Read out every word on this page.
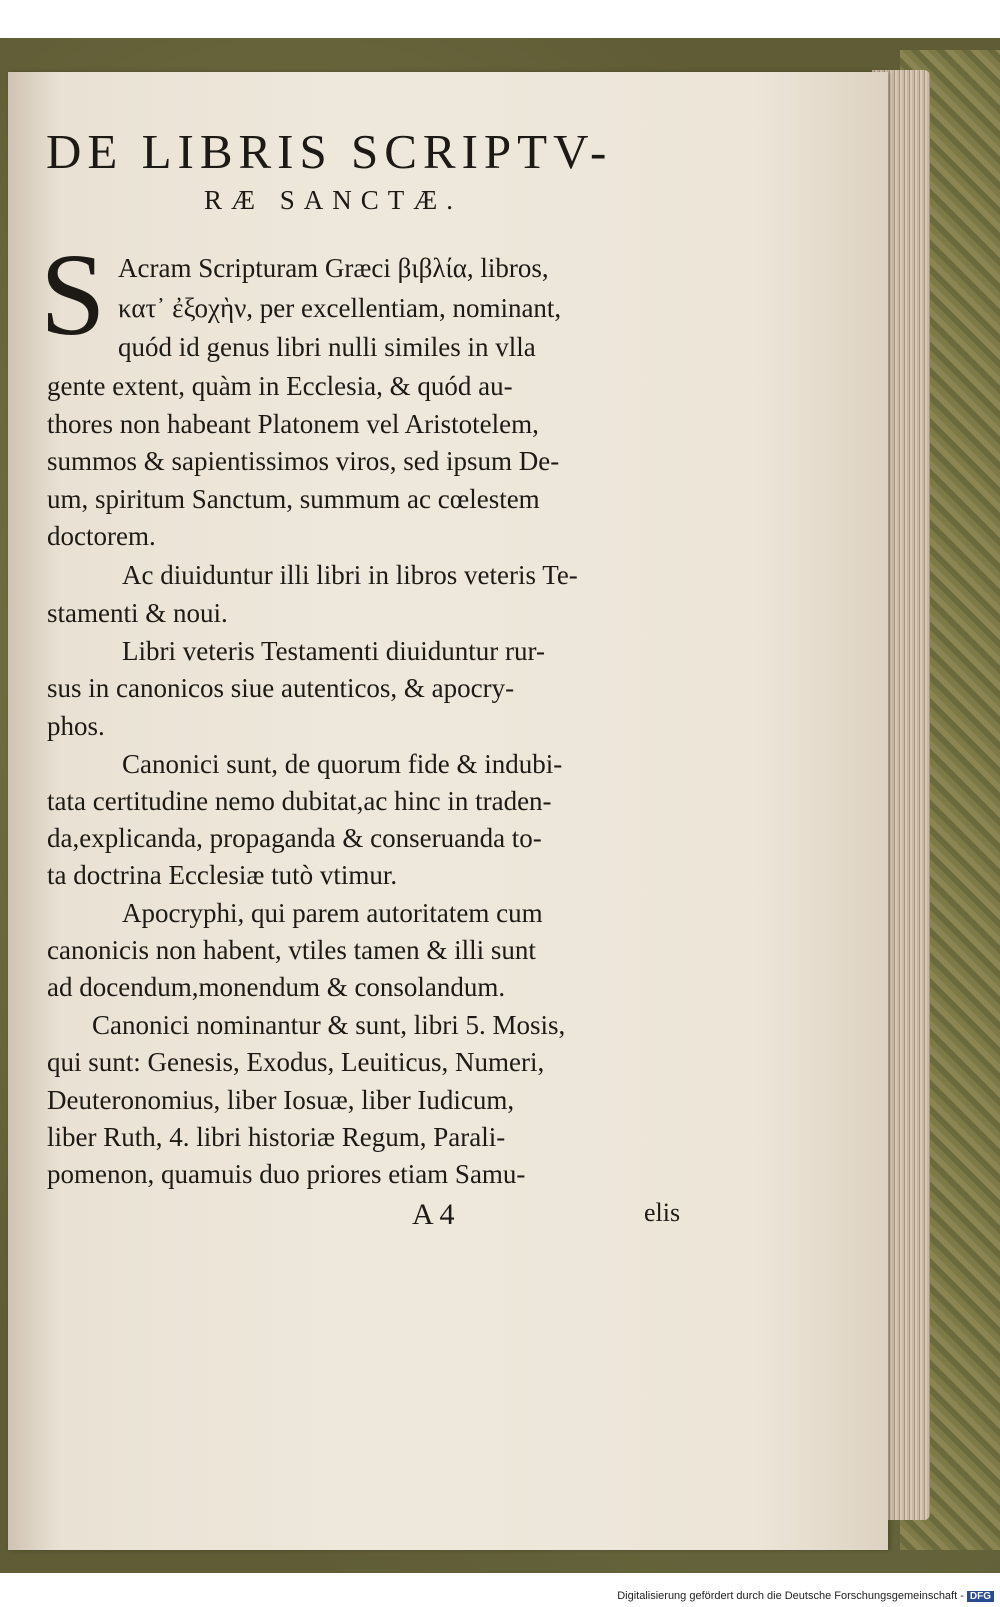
DE LIBRIS SCRIPTV-
RÆ SANCTÆ.
S Acram Scripturam Græci βιβλία, libros,
κατ᾽ ἐξοχὴν, per excellentiam, nominant,
quód id genus libri nulli similes in vlla
gente extent, quàm in Ecclesia, & quód au-
thores non habeant Platonem vel Aristotelem,
summos & sapientissimos viros, sed ipsum De-
um, spiritum Sanctum, summum ac cœlestem
doctorem.
Ac diuiduntur illi libri in libros veteris Te-
stamenti & noui.
Libri veteris Testamenti diuiduntur rur-
sus in canonicos siue autenticos, & apocry-
phos.
Canonici sunt, de quorum fide & indubi-
tata certitudine nemo dubitat,ac hinc in traden-
da,explicanda, propaganda & conseruanda to-
ta doctrina Ecclesiæ tutò vtimur.
Apocryphi, qui parem autoritatem cum
canonicis non habent, vtiles tamen & illi sunt
ad docendum,monendum & consolandum.
Canonici nominantur & sunt, libri 5. Mosis,
qui sunt: Genesis, Exodus, Leuiticus, Numeri,
Deuteronomius, liber Iosuæ, liber Iudicum,
liber Ruth, 4. libri historiæ Regum, Parali-
pomenon, quamuis duo priores etiam Samu-
A 4	elis
Digitalisierung gefördert durch die Deutsche Forschungsgemeinschaft - DFG
